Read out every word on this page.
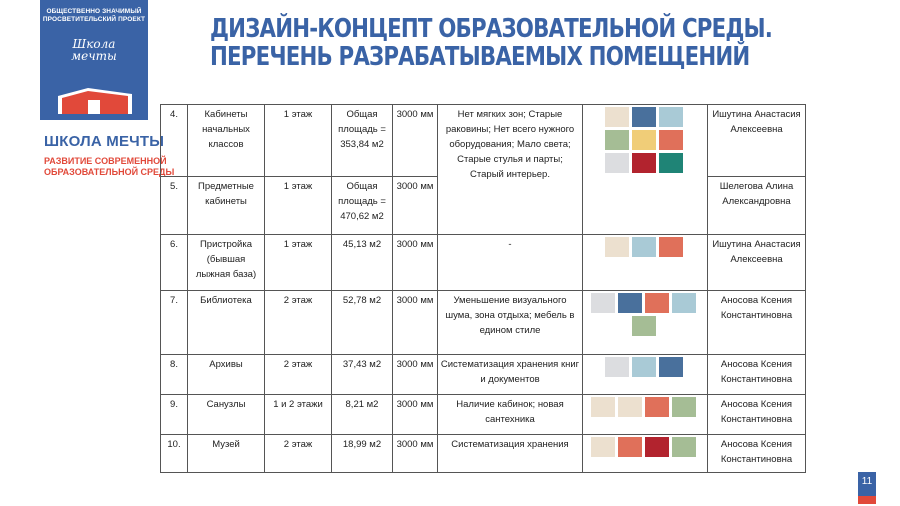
ОБЩЕСТВЕННО ЗНАЧИМЫЙ ПРОСВЕТИТЕЛЬСКИЙ ПРОЕКТ
Школа
мечты
ШКОЛА МЕЧТЫ
РАЗВИТИЕ СОВРЕМЕННОЙ
ОБРАЗОВАТЕЛЬНОЙ СРЕДЫ
ДИЗАЙН-КОНЦЕПТ ОБРАЗОВАТЕЛЬНОЙ СРЕДЫ.
ПЕРЕЧЕНЬ РАЗРАБАТЫВАЕМЫХ ПОМЕЩЕНИЙ
4.	Кабинеты начальных классов	1 этаж	Общая площадь = 353,84 м2	3000 мм	Нет мягких зон; Старые раковины; Нет всего нужного оборудования; Мало света; Старые стулья и парты; Старый интерьер.		Ишутина Анастасия Алексеевна
5.	Предметные кабинеты	1 этаж	Общая площадь = 470,62 м2	3000 мм			Шелегова Алина Александровна
6.	Пристройка (бывшая лыжная база)	1 этаж	45,13 м2	3000 мм	-		Ишутина Анастасия Алексеевна
7.	Библиотека	2 этаж	52,78 м2	3000 мм	Уменьшение визуального шума, зона отдыха; мебель в едином стиле		Аносова Ксения Константиновна
8.	Архивы	2 этаж	37,43 м2	3000 мм	Систематизация хранения книг и документов		Аносова Ксения Константиновна
9.	Санузлы	1 и 2 этажи	8,21 м2	3000 мм	Наличие кабинок; новая сантехника		Аносова Ксения Константиновна
10.	Музей	2 этаж	18,99 м2	3000 мм	Систематизация хранения		Аносова Ксения Константиновна
11
